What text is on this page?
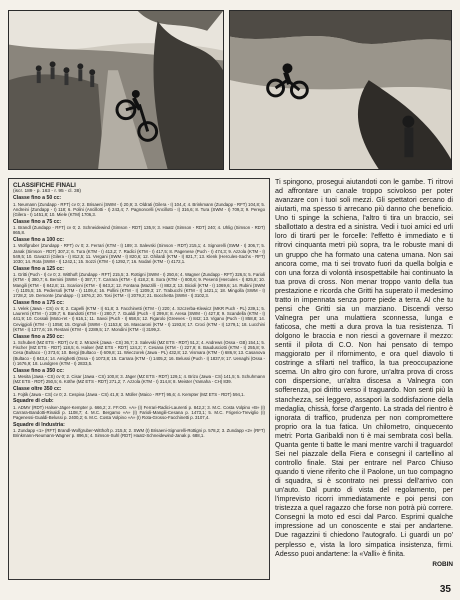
CLASSIFICHE FINALI
(iscr. 189 - p. 163 - r. 95 - cl. 38)
Classe fino a 50 cc:
1. Neumann (Zundapp - RFT) cv 0; 2. Brisaeni (SWM - I) 20,9; 3. Oldrati (Gilera - I) 104,4; 4. Brinkmann (Zundapp - RFT) 104,8; 5. Andreini (Zundapp - I) 118; 6. Polini (Ancillotti - I) 243,4; 7. Pagnoncelli (Ancillotti - I) 316,6; 8. Tura (SWM - I) 709,3; 9. Perego (Gilera - I) 1451,8; 10. Miele (KTM) 1706,3.
Classe fino a 75 cc:
1. Brandl (Zundapp - RFT) cv 0; 2. Schneidewind (Simson - RDT) 135,9; 3. Haatz (Simson - RDT) 240; 4. Uhlig (Simson - RDT) 865,8.
Classe fino a 100 cc:
1. Wolfgruber (Zundapp - RFT) cv 0; 2. Ferrari (KTM - I) 189; 3. Salevski (Simson - RDT) 215,1; 4. Signorelli (SWM - I) 306,7; 5. Janak (Simson - RDT) 307,2; 6. Tura (KTM - I) 413,2; 7. Radici (KTM - I) 417,5; 8. Pagenese (Puch - I) 474,3; 9. Azzola (KTM - I) 549,5; 10. Gavazzi (Gilera - I) 812,5; 11. Vergani (SWM - I) 820,6; 12. Ghilardi (KTM - I) 821,7; 13. Klenk (Hercules-Sachs - RFT) 1030; 14. Rota (SWM - I) 1242,1; 15. Sozzi (KTM - I) 1292,7; 16. Nodari (KTM - I) 4172,1.
Classe fino a 125 cc:
1. Gritti (Puch - I) cv 0; 2. Witthoft (Zundapp - RFT) 215,5; 3. Rottigni (SWM - I) 250,6; 4. Wagner (Zundapp - RFT) 326,5; 5. Farioli (KTM - I) 380,7; 6. Bernini (SWM - I) 387,7; 7. Carrara (KTM - I) 418,2; 8. Sora (KTM - I) 800,6; 9. Pesenti (Hercules - I) 825,8; 10. Mangili (KTM - I) 842,8; 11. Scarioni (KTM - I) 843,2; 12. Fontana (Mazzilli - I) 882,3; 13. Bicioli (KTM - I) 1069,6; 14. Rubini (SWM - I) 1105,5; 15. Pedersoli (KTM - I) 1109,4; 16. Pollini (KTM - I) 1209,3; 17. Trabucchi (KTM - I) 1421,1; 18. Mingolla (SWM - I) 1728,2; 19. Demonte (Zundapp - I) 1876,2; 20. Tosi (KTM - I) 2079,2; 21. Bocchetta (SWM - I) 3102,3.
Classe fino a 175 cc:
1. Velek (Jawa - CS) cv 0; 2. Capelli (KTM - I) 61,8; 3. Facchinetti (KTM - I) 220; 4. Szczerba-Klewicz (MKR Puch - PL) 239,1; 5. Laurenti (KTM - I) 239,7; 6. Bandotti (KTM - I) 280,7; 7. Gualdi (Puch - I) 299,8; 8. Aresa (SWM - I) 427,8; 9. Scandella (KTM - I) 441,9; 10. Cossali (Moto-ret - I) 616,1; 11. Savoi (Puch - I) 658,5; 12. Figarolo (Greeves - I) 842; 13. Vigano (Puch - I) 858,8; 14. Ceviggioli (KTM - I) 1058; 15. Orgnoli (SWM - I) 1153,6; 16. Mascaroni (KTM - I) 1193,8; 17. Croci (KTM - I) 1279,1; 18. Lucchini (KTM - I) 1377,6; 19. Restani (KTM - I) 2289,5; 17. Mondini (KTM - I) 3199,2.
Classe fino a 250 cc:
1. Schubert (MZ ETS - RDT) cv 0; 2. Mrazek (Jawa - CS) 36,7; 3. Salevski (MZ ETS - RDT) 51,2; 4. Andrews (Ossa - GB) 154,1; 5. Fischer (MZ ETS - RDT) 118,5; 6. Halser (MZ ETS - RDT) 124,2; 7. Cesana (KTM - I) 227,9; 8. Baudusciotti (KTM - I) 255,8; 9. Cesa (Bultaco - I) 373,6; 10. Bergi (Bultaco - I) 609,8; 11. Wieczorek (Jawa - PL) 432,8; 12. Vismara (KTM - I) 686,9; 13. Casanova (Bultaco - I) 843,4; 14. Amighetti (Ossa - I) 1073,8; 15. Carrara (KTM - I) 1405,2; 16. Belussi (Puch - I) 1837,9; 17. Uenaghi (Ossa - I) 1676,9; 18. Lundgren (KTM - I) 2833,5.
Classe fino a 350 cc:
1. Mesita (Jawa - CS) cv 0; 2. Cisar (Jawa - CS) 100,8; 3. Jäger (MZ ETS - RDT) 129,1; 4. Brizo (Jawa - CS) 141,5; 5. Schuhmann (MZ ETS - RDT) 250,5; 6. Köthe (MZ ETS - RDT) 271,2; 7. Azzola (KTM - I) 314,8; 8. Meister (Yamaha - CH) 839.
Classe oltre 350 cc:
1. Fojtik (Jawa - CS) cv 0; 2. Cespiva (Jawa - CS) 41,9; 3. Müller (Maico - RFT) 95,6; 4. Kempter (MZ ETS - RDT) 594,1.
Squadre di club:
1. ADMV (RDT) Halser-Jäger-Kempter p. 666,2; 2. FF.OO. «A» (I) Ferrari-Radici-Laurenti p. 842,2; 3. M.C. Costa Volpino «B» (I) Carrara-Bandotti-Rinaldi p. 1108,7; 4. M.C. Bergamo «A» (I) Farioli-Mangili-Cesana p. 1473,1; 5. M.C. Frigerio-Treviglio (I) Pagenessi-Gualdi-Belussi p. 2400,2; 6. M.C. Costa Volpino «A» (I) Rota-Grosso-Facchinetti p. 3107,4.
Squadre di Industria:
1. Zundapp «1» (RFT) Brandl-Wolfgruber-Witthoft p. 215,5; 2. SWM (I) Brisaeni-Signorelli-Rottigni p. 578,2; 3. Zundapp «2» (RFT) Brinkmann-Neumann-Wagner p. 896,5; 4. Simson-Suhl (RDT) Haatz-Schneidewind-Janak p. 688,1.

Ti spingono, prosegui aiutandoti con le gambe. Ti ritrovi ad affrontare un canale troppo scivoloso per poter avanzare con i tuoi soli mezzi. Gli spettatori cercano di aiutarti, ma spesso ti arrecano più danno che beneficio. Uno ti spinge la schiena, l'altro ti tira un braccio, sei sballottato a destra ed a sinistra. Vedi i tuoi amici ed urli loro di tirarti per le forcelle: l'effetto è immediato e ti ritrovi cinquanta metri più sopra, tra le robuste mani di un gruppo che ha formato una catena umana. Non sai ancora come, ma ti sei trovato fuori da quella bolgia e con una forza di volontà insospettabile hai continuato la tua prova di cross. Non menar troppo vanto della tua prestazione e ricorda che Gritti ha superato il medesimo tratto in impennata senza porre piede a terra. Al che tu pensi che Gritti sia un marziano. Discendi verso Valnegra per una mulattiera sconnessa, lunga e faticosa, che metti a dura prova la tua resistenza. Ti dolgono le braccia e non riesci a governare il mezzo: sentii il pilota di C.O. Non hai pensato di tempo maggiorato per il rifornimento, e ora quel diavolo ti costringe a sfilarti nel traffico, la tua preoccupazione scema. Un altro giro con furore, un'altra prova di cross con dispersione, un'altra discesa a Valnegra con sofferenza, poi diritto verso il traguardo. Non senti più la stanchezza, sei leggero, assapori la soddisfazione della medaglia, chissà, forse d'argento. La strada del rientro è ignorata di traffico, prudenza per non compromettere proprio ora la tua fatica. Un chilometro, cinquecento metri: Porta Garibaldi non ti è mai sembrata così bella. Quanta gente ti batte le mani mentre varchi il traguardo! Sei nel piazzale della Fiera e consegni il cartellino al controllo finale. Stai per entrare nel Parco Chiuso quando ti viene riferito che il Paolone, un tuo compagno di squadra, si è scontrato nei pressi dell'arrivo con un'auto. Dal punto di vista del regolamento, per l'imprevisto ricorri immediatamente e poi pensi con tristezza a quel ragazzo che forse non potrà più correre. Consegni la moto ed esci dal Parco. Esprimi qualche impressione ad un conoscente e stai per andartene. Due ragazzini ti chiedono l'autografo. Li guardi un po' perplesso e, vista la loro simpatica insistenza, firmi. Adesso puoi andartene: la «Valli» è finita.

ROBIN
35
